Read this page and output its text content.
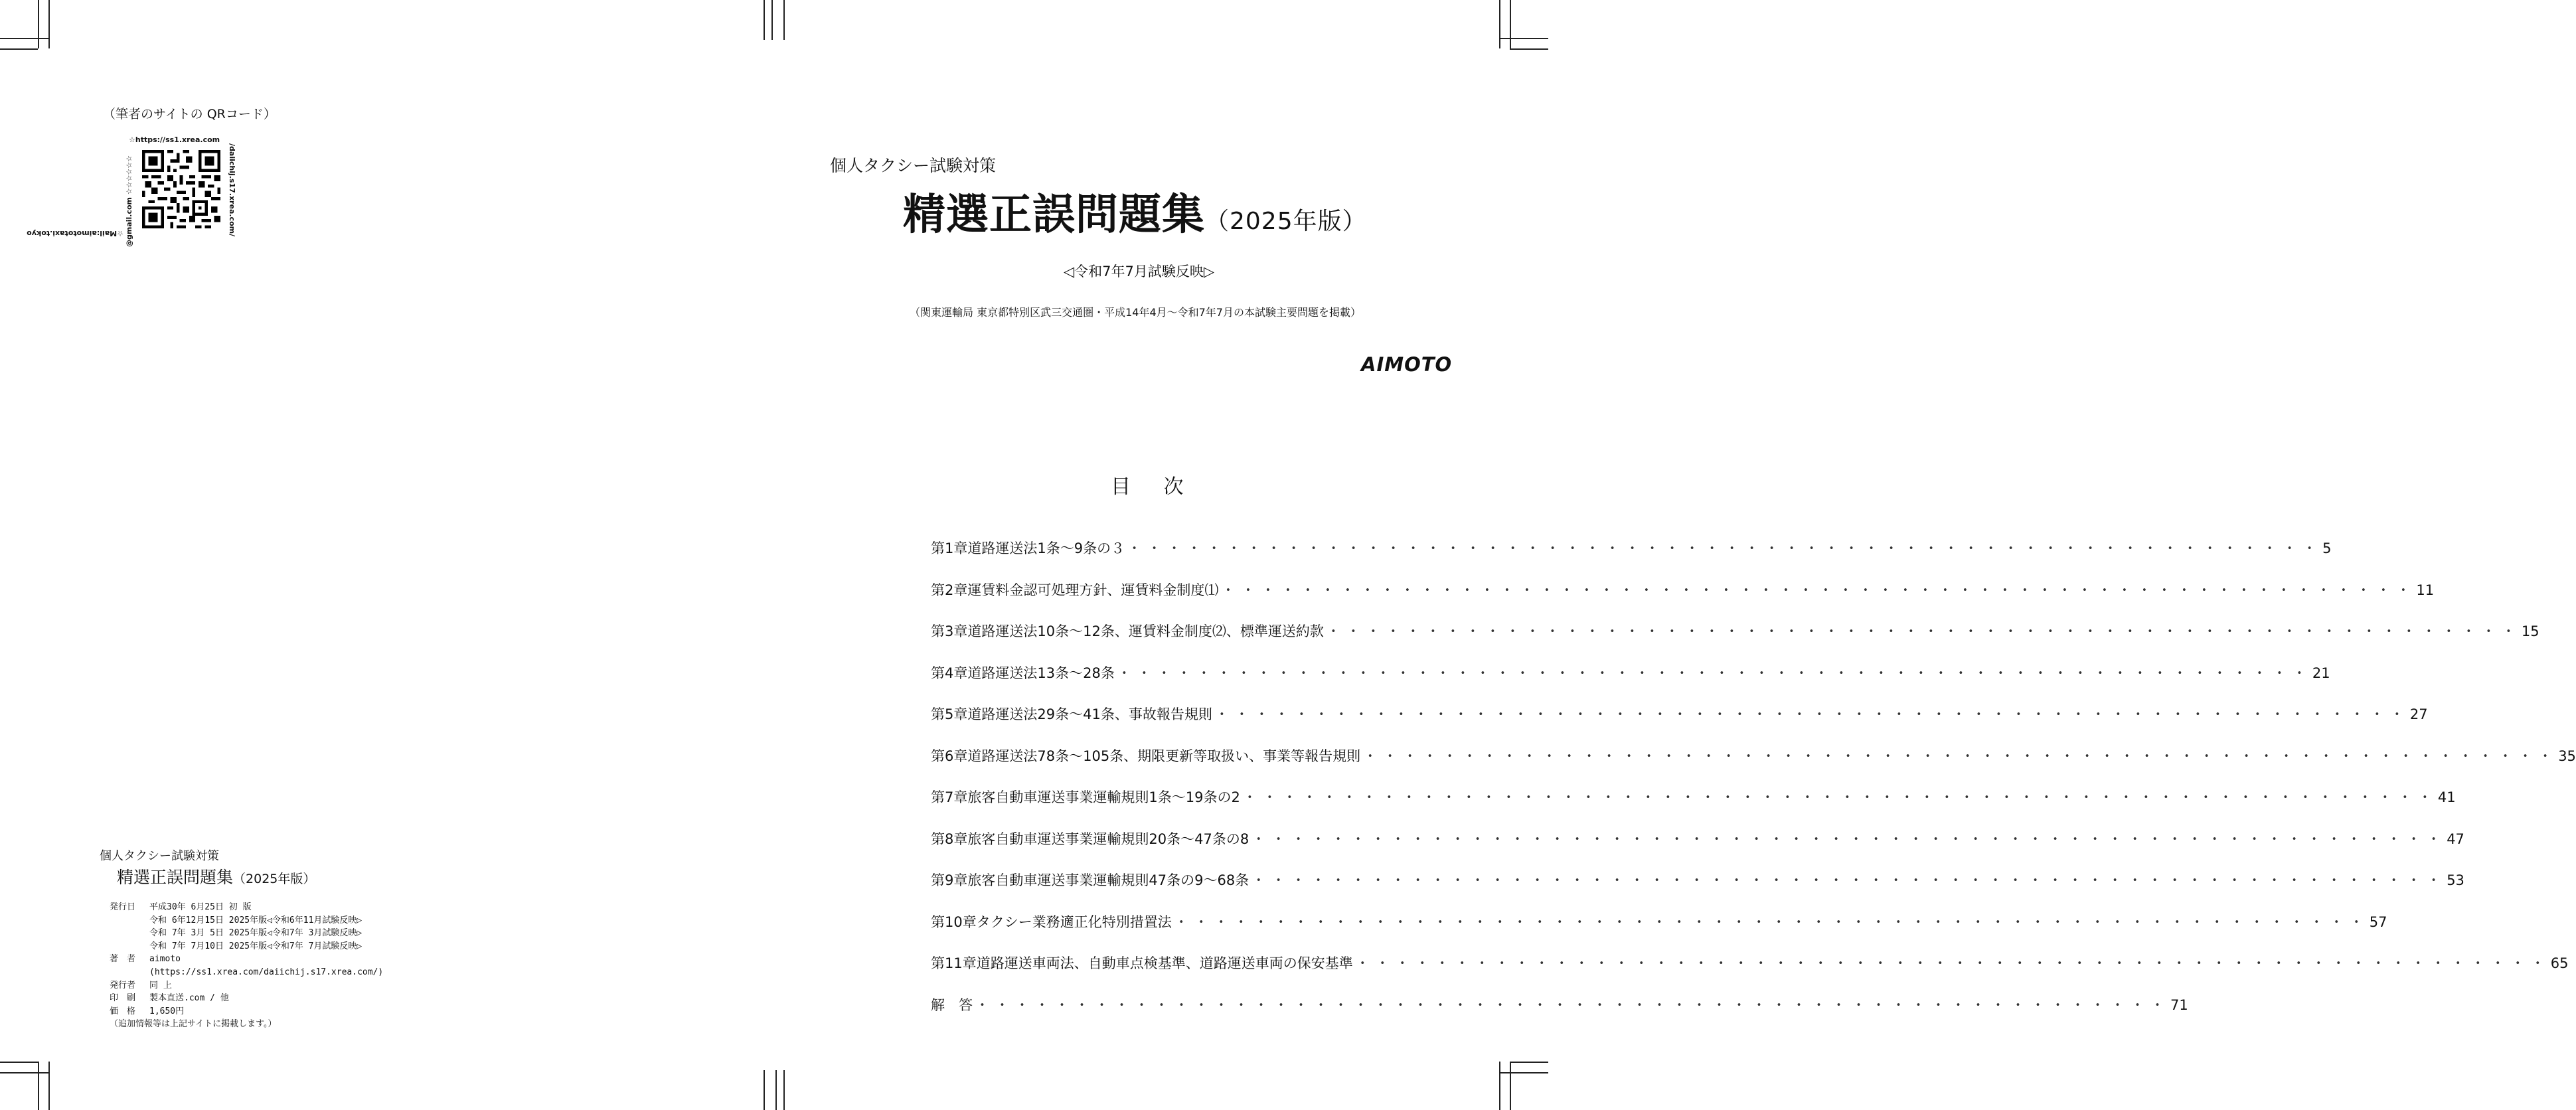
（筆者のサイトの QRコード）
☆https://ss1.xrea.com
/daiichij.s17.xrea.com/
☆Mail:aimototaxi.tokyo @gmail.com ☆☆☆☆☆☆
個人タクシー試験対策
精選正誤問題集（2025年版）
発行日	平成30年 6月25日 初 版
令和 6年12月15日 2025年版◁令和6年11月試験反映▷
令和 7年 3月 5日 2025年版◁令和7年 3月試験反映▷
令和 7年 7月10日 2025年版◁令和7年 7月試験反映▷
著　者	aimoto
(https://ss1.xrea.com/daiichij.s17.xrea.com/)
発行者	同 上
印　刷	製本直送.com / 他
価　格	1,650円
（追加情報等は上記サイトに掲載します。）
個人タクシー試験対策
精選正誤問題集（2025年版）
◁令和7年7月試験反映▷
（関東運輸局 東京都特別区武三交通圏・平成14年4月～令和7年7月の本試験主要問題を掲載）
AIMOTO
目 次
第1章 道路運送法1条～9条の３ ・・・・・・・・・・・・・・・・・・・・・・・・・・・・・・・・・・・・・・・・・・・・・・・・・・・・・・・・・・・・ 5
第2章 運賃料金認可処理方針、運賃料金制度⑴ ・・・・・・・・・・・・・・・・・・・・・・・・・・・・・・・・・・・・・・・・・・・・・・・・・・・・・・・・・・・・ 11
第3章 道路運送法10条～12条、運賃料金制度⑵、標準運送約款 ・・・・・・・・・・・・・・・・・・・・・・・・・・・・・・・・・・・・・・・・・・・・・・・・・・・・・・・・・・・・ 15
第4章 道路運送法13条～28条 ・・・・・・・・・・・・・・・・・・・・・・・・・・・・・・・・・・・・・・・・・・・・・・・・・・・・・・・・・・・・ 21
第5章 道路運送法29条～41条、事故報告規則 ・・・・・・・・・・・・・・・・・・・・・・・・・・・・・・・・・・・・・・・・・・・・・・・・・・・・・・・・・・・・ 27
第6章 道路運送法78条～105条、期限更新等取扱い、事業等報告規則 ・・・・・・・・・・・・・・・・・・・・・・・・・・・・・・・・・・・・・・・・・・・・・・・・・・・・・・・・・・・・ 35
第7章 旅客自動車運送事業運輸規則1条～19条の2 ・・・・・・・・・・・・・・・・・・・・・・・・・・・・・・・・・・・・・・・・・・・・・・・・・・・・・・・・・・・・ 41
第8章 旅客自動車運送事業運輸規則20条～47条の8 ・・・・・・・・・・・・・・・・・・・・・・・・・・・・・・・・・・・・・・・・・・・・・・・・・・・・・・・・・・・・ 47
第9章 旅客自動車運送事業運輸規則47条の9～68条 ・・・・・・・・・・・・・・・・・・・・・・・・・・・・・・・・・・・・・・・・・・・・・・・・・・・・・・・・・・・・ 53
第10章 タクシー業務適正化特別措置法 ・・・・・・・・・・・・・・・・・・・・・・・・・・・・・・・・・・・・・・・・・・・・・・・・・・・・・・・・・・・・ 57
第11章 道路運送車両法、自動車点検基準、道路運送車両の保安基準 ・・・・・・・・・・・・・・・・・・・・・・・・・・・・・・・・・・・・・・・・・・・・・・・・・・・・・・・・・・・・ 65
解　答 ・・・・・・・・・・・・・・・・・・・・・・・・・・・・・・・・・・・・・・・・・・・・・・・・・・・・・・・・・・・・ 71
